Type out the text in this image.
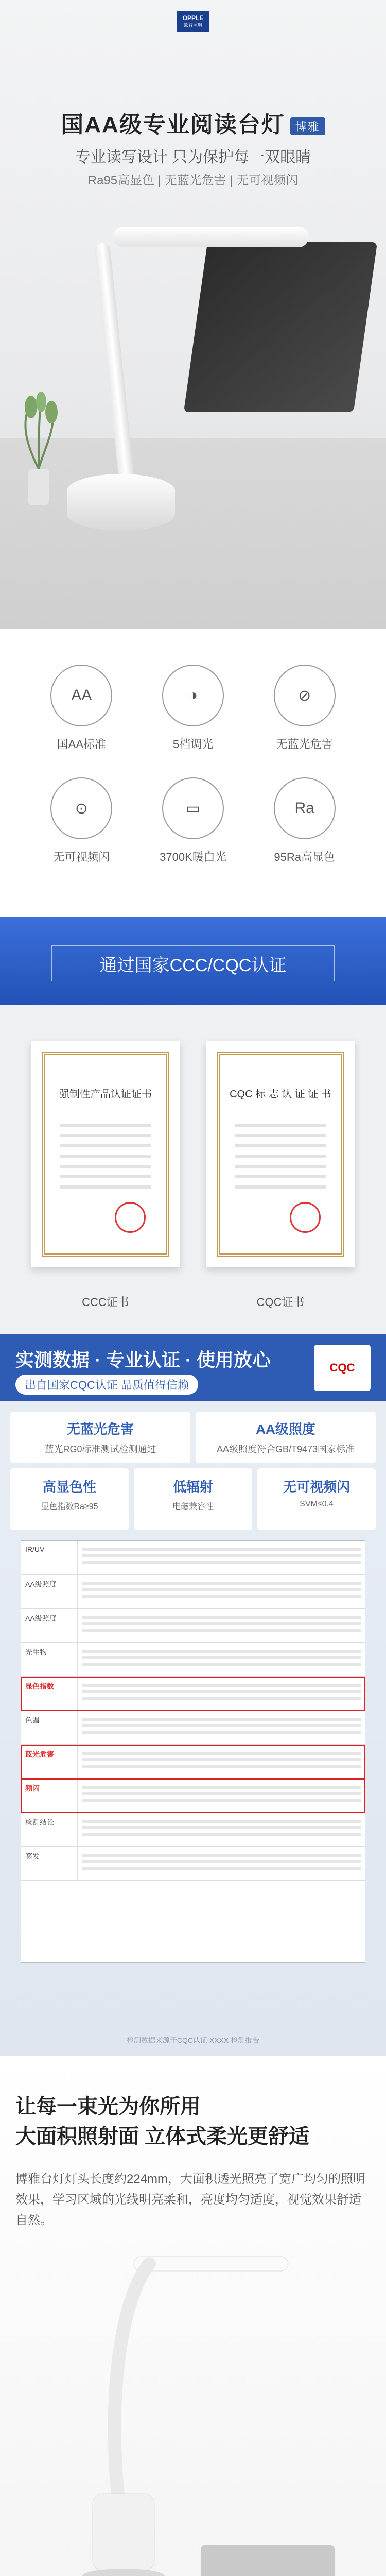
OPPLE
欧普照明
国AA级专业阅读台灯 博雅
专业读写设计 只为保护每一双眼睛
Ra95高显色 | 无蓝光危害 | 无可视频闪
AA
国AA标准
◑
5档调光
⊘
无蓝光危害
⊙
无可视频闪
▭
3700K暖白光
Ra
95Ra高显色
通过国家CCC/CQC认证
强制性产品认证证书
CCC证书
CQC 标 志 认 证 证 书
CQC证书
实测数据 · 专业认证 · 使用放心
出自国家CQC认证 品质值得信赖
CQC
无蓝光危害
蓝光RG0标准测试检测通过
AA级照度
AA级照度符合GB/T9473国家标准
高显色性
显色指数Ra≥95
低辐射
电磁兼容性
无可视频闪
SVM≤0.4
IR/UV
AA级照度
AA级照度
光生物
显色指数
色温
蓝光危害
频闪
检测结论
签发
检测数据来源于CQC认证 XXXX 检测报告
让每一束光为你所用
大面积照射面 立体式柔光更舒适
博雅台灯灯头长度约224mm，大面积透光照亮了宽广均匀的照明效果，学习区域的光线明亮柔和，亮度均匀适度，视觉效果舒适自然。
